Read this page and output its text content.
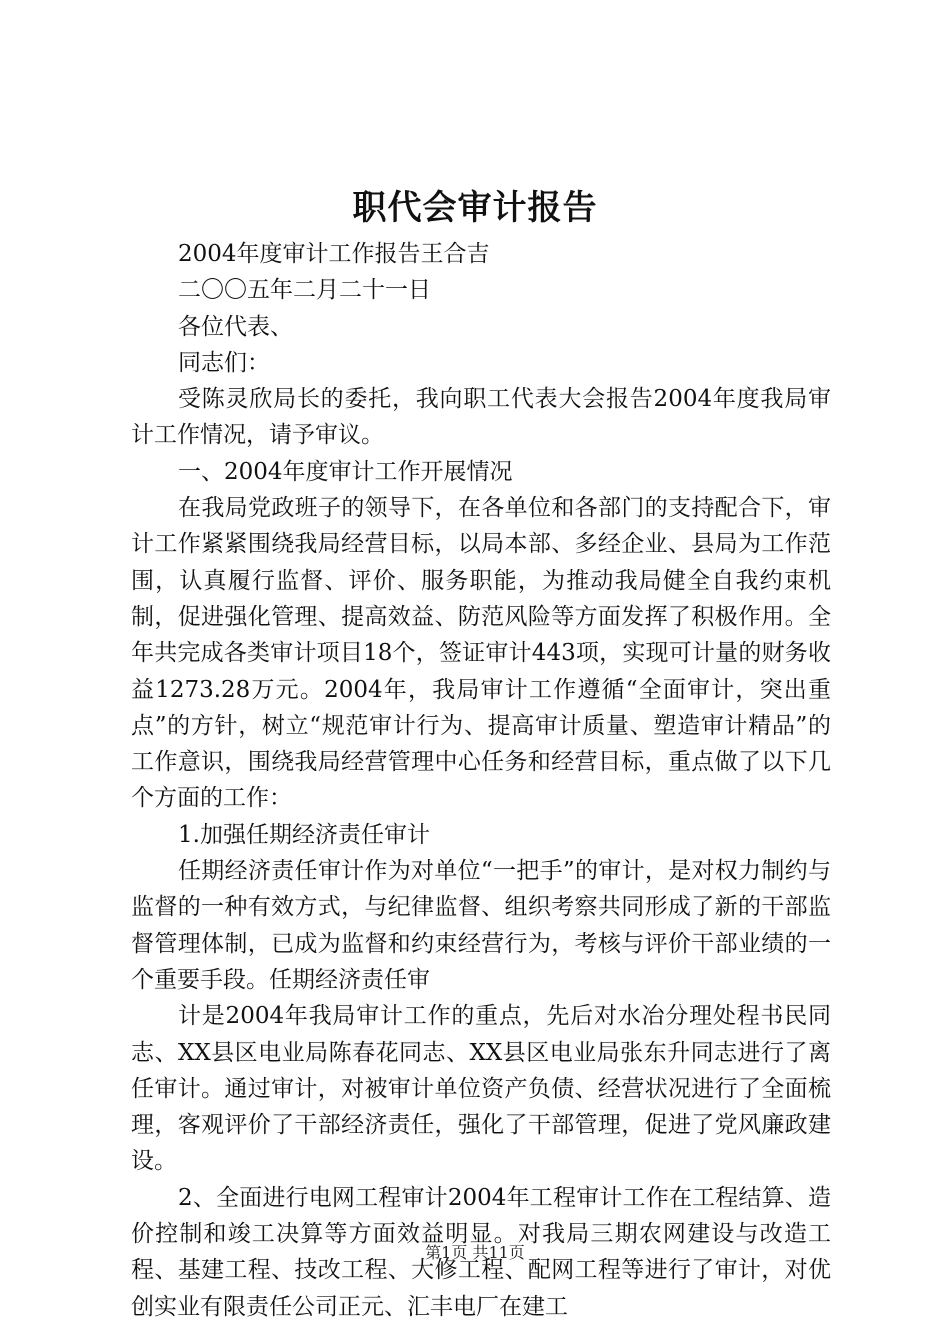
职代会审计报告

2004年度审计工作报告王合吉

二〇〇五年二月二十一日

各位代表、

同志们：

受陈灵欣局长的委托，我向职工代表大会报告2004年度我局审计工作情况，请予审议。

一、2004年度审计工作开展情况

在我局党政班子的领导下，在各单位和各部门的支持配合下，审计工作紧紧围绕我局经营目标，以局本部、多经企业、县局为工作范围，认真履行监督、评价、服务职能，为推动我局健全自我约束机制，促进强化管理、提高效益、防范风险等方面发挥了积极作用。全年共完成各类审计项目18个，签证审计443项，实现可计量的财务收益1273.28万元。2004年，我局审计工作遵循“全面审计，突出重点”的方针，树立“规范审计行为、提高审计质量、塑造审计精品”的工作意识，围绕我局经营管理中心任务和经营目标，重点做了以下几个方面的工作：

1.加强任期经济责任审计

任期经济责任审计作为对单位“一把手”的审计，是对权力制约与监督的一种有效方式，与纪律监督、组织考察共同形成了新的干部监督管理体制，已成为监督和约束经营行为，考核与评价干部业绩的一个重要手段。任期经济责任审

计是2004年我局审计工作的重点，先后对水冶分理处程书民同志、XX县区电业局陈春花同志、XX县区电业局张东升同志进行了离任审计。通过审计，对被审计单位资产负债、经营状况进行了全面梳理，客观评价了干部经济责任，强化了干部管理，促进了党风廉政建设。

2、全面进行电网工程审计2004年工程审计工作在工程结算、造价控制和竣工决算等方面效益明显。对我局三期农网建设与改造工程、基建工程、技改工程、大修工程、配网工程等进行了审计，对优创实业有限责任公司正元、汇丰电厂在建工

第1页 共11页
